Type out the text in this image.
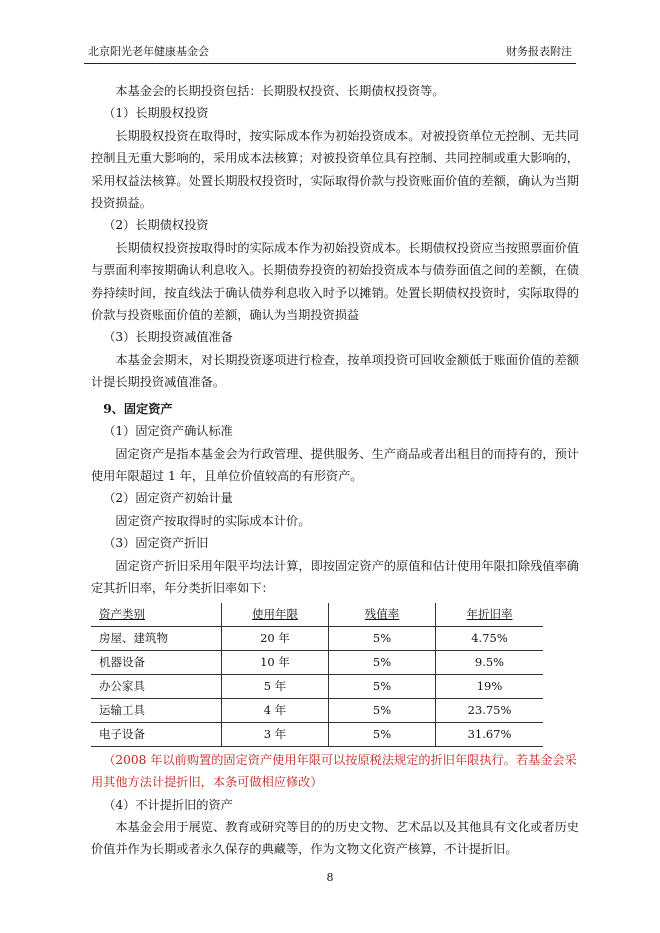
北京阳光老年健康基金会	财务报表附注

本基金会的长期投资包括：长期股权投资、长期债权投资等。

（1）长期股权投资

长期股权投资在取得时，按实际成本作为初始投资成本。对被投资单位无控制、无共同控制且无重大影响的，采用成本法核算；对被投资单位具有控制、共同控制或重大影响的，采用权益法核算。处置长期股权投资时，实际取得价款与投资账面价值的差额，确认为当期投资损益。

（2）长期债权投资

长期债权投资按取得时的实际成本作为初始投资成本。长期债权投资应当按照票面价值与票面利率按期确认利息收入。长期债券投资的初始投资成本与债券面值之间的差额，在债券持续时间，按直线法于确认债券利息收入时予以摊销。处置长期债权投资时，实际取得的价款与投资账面价值的差额，确认为当期投资损益

（3）长期投资减值准备

本基金会期末，对长期投资逐项进行检查，按单项投资可回收金额低于账面价值的差额计提长期投资减值准备。

9、固定资产

（1）固定资产确认标准

固定资产是指本基金会为行政管理、提供服务、生产商品或者出租目的而持有的，预计使用年限超过 1 年，且单位价值较高的有形资产。

（2）固定资产初始计量

固定资产按取得时的实际成本计价。

（3）固定资产折旧

固定资产折旧采用年限平均法计算，即按固定资产的原值和估计使用年限扣除残值率确定其折旧率，年分类折旧率如下：

资产类别	使用年限	残值率	年折旧率
房屋、建筑物	20 年	5%	4.75%
机器设备	10 年	5%	9.5%
办公家具	5 年	5%	19%
运输工具	4 年	5%	23.75%
电子设备	3 年	5%	31.67%

（2008 年以前购置的固定资产使用年限可以按原税法规定的折旧年限执行。若基金会采用其他方法计提折旧，本条可做相应修改）

（4）不计提折旧的资产

本基金会用于展览、教育或研究等目的的历史文物、艺术品以及其他具有文化或者历史价值并作为长期或者永久保存的典藏等，作为文物文化资产核算，不计提折旧。

8
